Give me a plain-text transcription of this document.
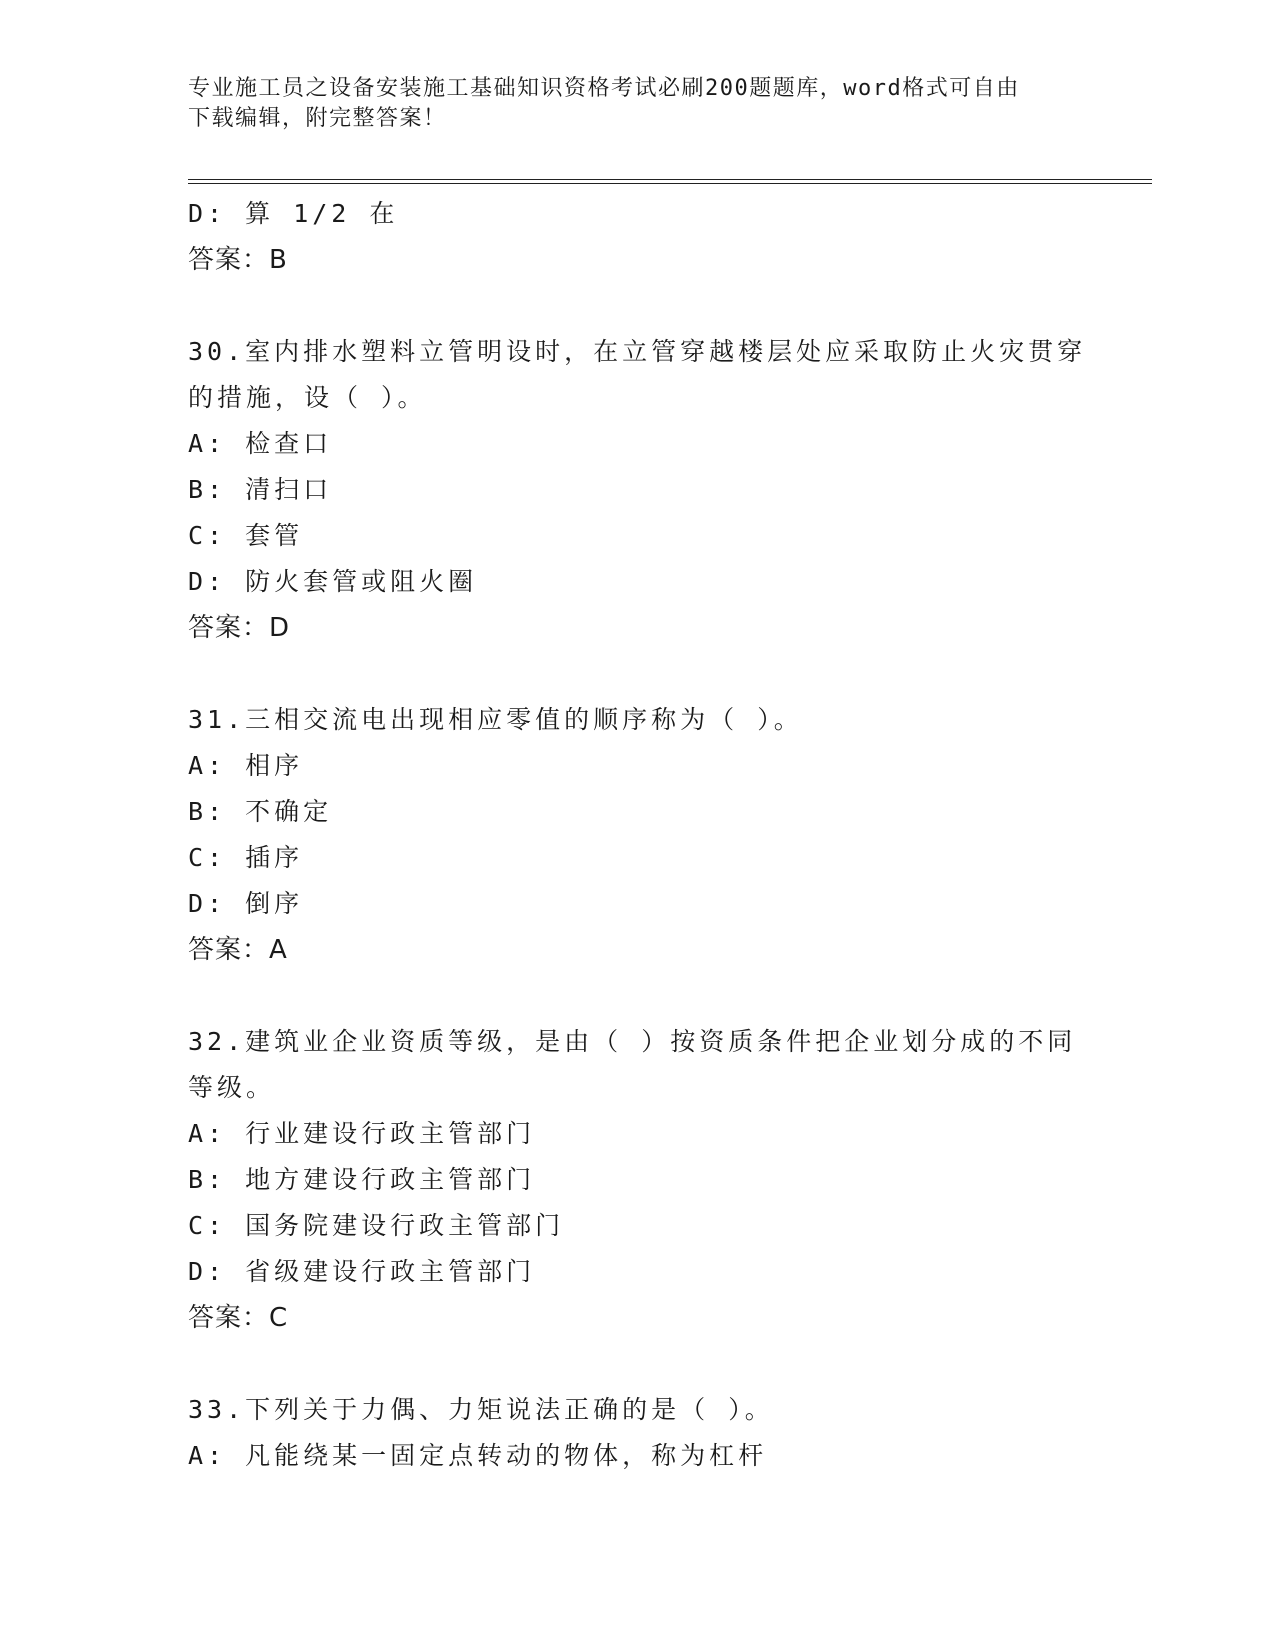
专业施工员之设备安装施工基础知识资格考试必刷200题题库，word格式可自由
下载编辑，附完整答案！
D: 算 1/2 在
答案：B
30.室内排水塑料立管明设时，在立管穿越楼层处应采取防止火灾贯穿
的措施，设（ ）。
A: 检查口
B: 清扫口
C: 套管
D: 防火套管或阻火圈
答案：D
31.三相交流电出现相应零值的顺序称为（ ）。
A: 相序
B: 不确定
C: 插序
D: 倒序
答案：A
32.建筑业企业资质等级，是由（ ）按资质条件把企业划分成的不同
等级。
A: 行业建设行政主管部门
B: 地方建设行政主管部门
C: 国务院建设行政主管部门
D: 省级建设行政主管部门
答案：C
33.下列关于力偶、力矩说法正确的是（ ）。
A: 凡能绕某一固定点转动的物体，称为杠杆
